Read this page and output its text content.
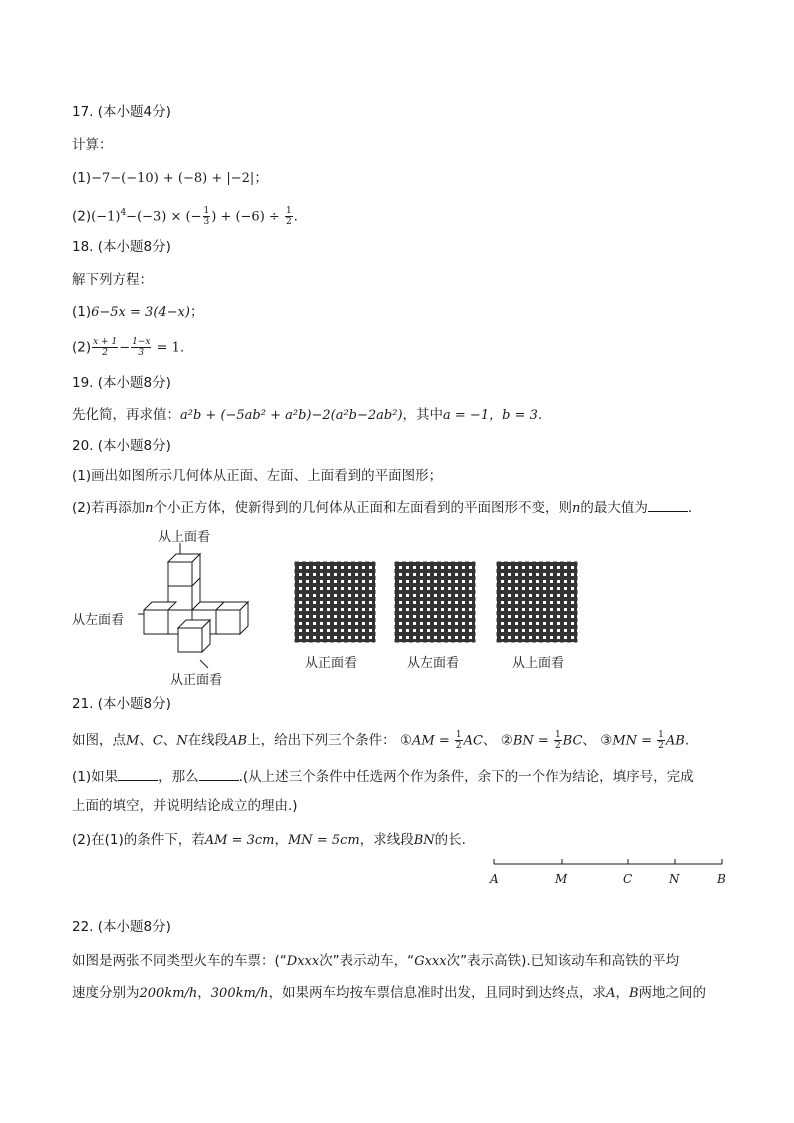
17. (本小题4分)
计算：
(1)−7−(−10) + (−8) + |−2|；
$(2)(-1)^4-(-3)$ × (− $\frac{1}{3}$ ) + $(-6) \div \frac{1}{2}$ .
18. (本小题8分)
解下列方程：
(1)6−5x = 3(4−x)；
$(2) \frac{x + 1}{2} - \frac{1-x}{3} = 1$.
19. (本小题8分)
先化简，再求值：a²b + (−5ab² + a²b)−2(a²b−2ab²)，其中a = −1，b = 3.
20. (本小题8分)
(1)画出如图所示几何体从正面、左面、上面看到的平面图形；
(2)若再添加n个小正方体，使新得到的几何体从正面和左面看到的平面图形不变，则n的最大值为	.
从上面看
从左面看
从正面看
从正面看	从左面看	从上面看
21. (本小题8分)
如图，点M、C、N在线段AB上，给出下列三个条件： ①AM = $\frac{1}{2}$ AC、 ②BN = $\frac{1}{2}$ BC、 ③MN = $\frac{1}{2}$ AB.
(1)如果	，那么	.(从上述三个条件中任选两个作为条件，余下的一个作为结论，填序号，完成
上面的填空，并说明结论成立的理由.)
(2)在(1)的条件下，若AM = 3cm，MN = 5cm，求线段BN的长.
A	M	C	N	B
22. (本小题8分)
如图是两张不同类型火车的车票：(“Dxxx次”表示动车，“Gxxx次”表示高铁).已知该动车和高铁的平均
速度分别为200km/h，300km/h，如果两车均按车票信息准时出发，且同时到达终点，求A，B两地之间的
